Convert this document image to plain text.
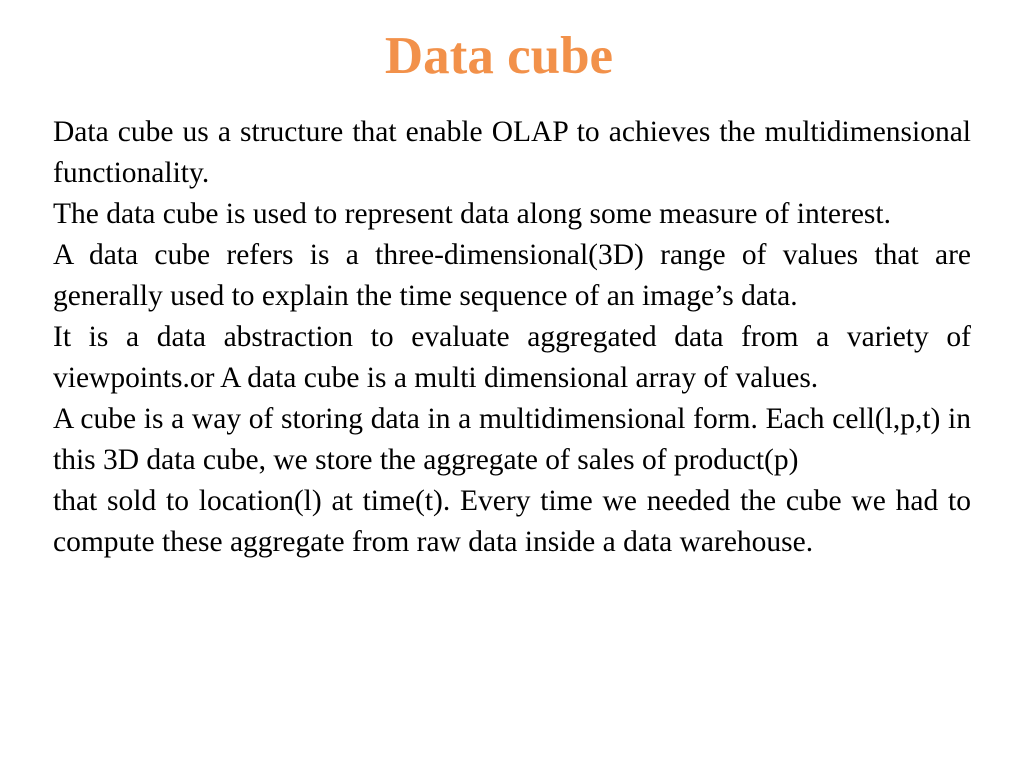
Data cube

Data cube us a structure that enable OLAP to achieves the multidimensional functionality.

The data cube is used to represent data along some measure of interest.

A data cube refers is a three-dimensional(3D) range of values that are generally used to explain the time sequence of an image’s data.

It is a data abstraction to evaluate aggregated data from a variety of viewpoints.or A data cube is a multi dimensional array of values.

A cube is a way of storing data in a multidimensional form. Each cell(l,p,t) in this 3D data cube, we store the aggregate of sales of product(p)

that sold to location(l) at time(t). Every time we needed the cube we had to compute these aggregate from raw data inside a data warehouse.
